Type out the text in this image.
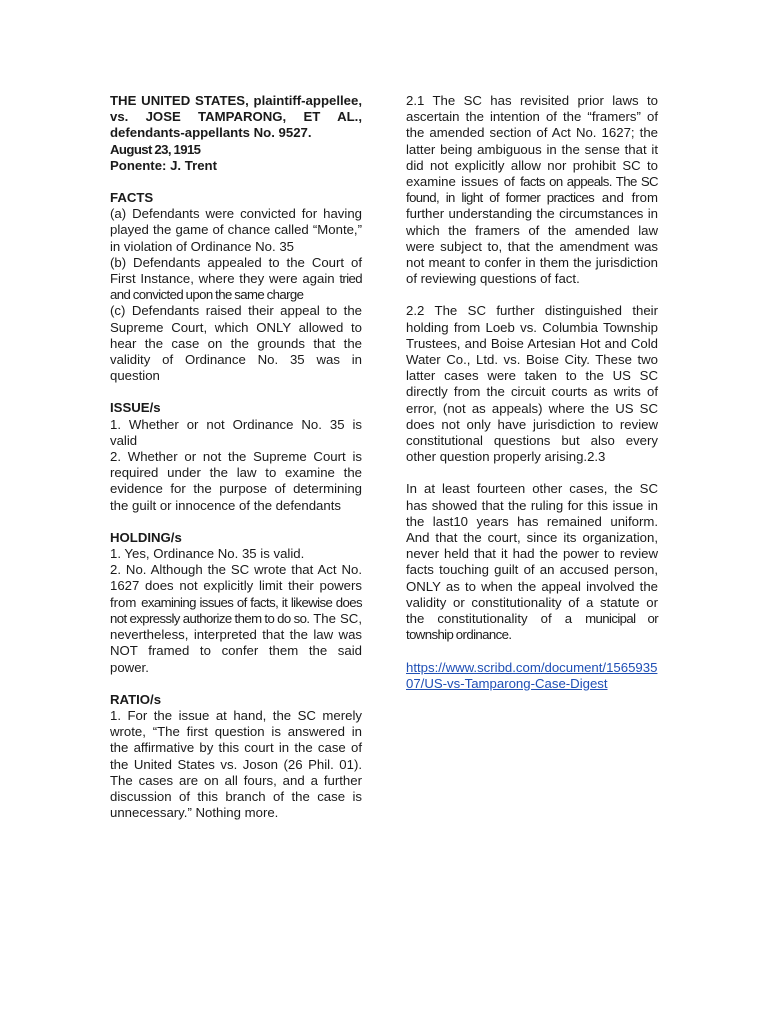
THE UNITED STATES, plaintiff-appellee, vs. JOSE TAMPARONG, ET AL., defendants-appellants No. 9527.

August 23, 1915

Ponente: J. Trent

FACTS

(a) Defendants were convicted for having played the game of chance called “Monte,” in violation of Ordinance No. 35

(b) Defendants appealed to the Court of First Instance, where they were again tried and convicted upon the same charge

(c) Defendants raised their appeal to the Supreme Court, which ONLY allowed to hear the case on the grounds that the validity of Ordinance No. 35 was in question

ISSUE/s

1. Whether or not Ordinance No. 35 is valid

2. Whether or not the Supreme Court is required under the law to examine the evidence for the purpose of determining the guilt or innocence of the defendants

HOLDING/s

1. Yes, Ordinance No. 35 is valid.

2. No. Although the SC wrote that Act No. 1627 does not explicitly limit their powers from examining issues of facts, it likewise does not expressly authorize them to do so. The SC, nevertheless, interpreted that the law was NOT framed to confer them the said power.

RATIO/s

1. For the issue at hand, the SC merely wrote, “The first question is answered in the affirmative by this court in the case of the United States vs. Joson (26 Phil. 01). The cases are on all fours, and a further discussion of this branch of the case is unnecessary.” Nothing more.

2.1 The SC has revisited prior laws to ascertain the intention of the “framers” of the amended section of Act No. 1627; the latter being ambiguous in the sense that it did not explicitly allow nor prohibit SC to examine issues of facts on appeals. The SC found, in light of former practices and from further understanding the circumstances in which the framers of the amended law were subject to, that the amendment was not meant to confer in them the jurisdiction of reviewing questions of fact.

2.2 The SC further distinguished their holding from Loeb vs. Columbia Township Trustees, and Boise Artesian Hot and Cold Water Co., Ltd. vs. Boise City. These two latter cases were taken to the US SC directly from the circuit courts as writs of error, (not as appeals) where the US SC does not only have jurisdiction to review constitutional questions but also every other question properly arising.2.3

In at least fourteen other cases, the SC has showed that the ruling for this issue in the last10 years has remained uniform. And that the court, since its organization, never held that it had the power to review facts touching guilt of an accused person, ONLY as to when the appeal involved the validity or constitutionality of a statute or the constitutionality of a municipal or township ordinance.

https://www.scribd.com/document/156593507/US-vs-Tamparong-Case-Digest
